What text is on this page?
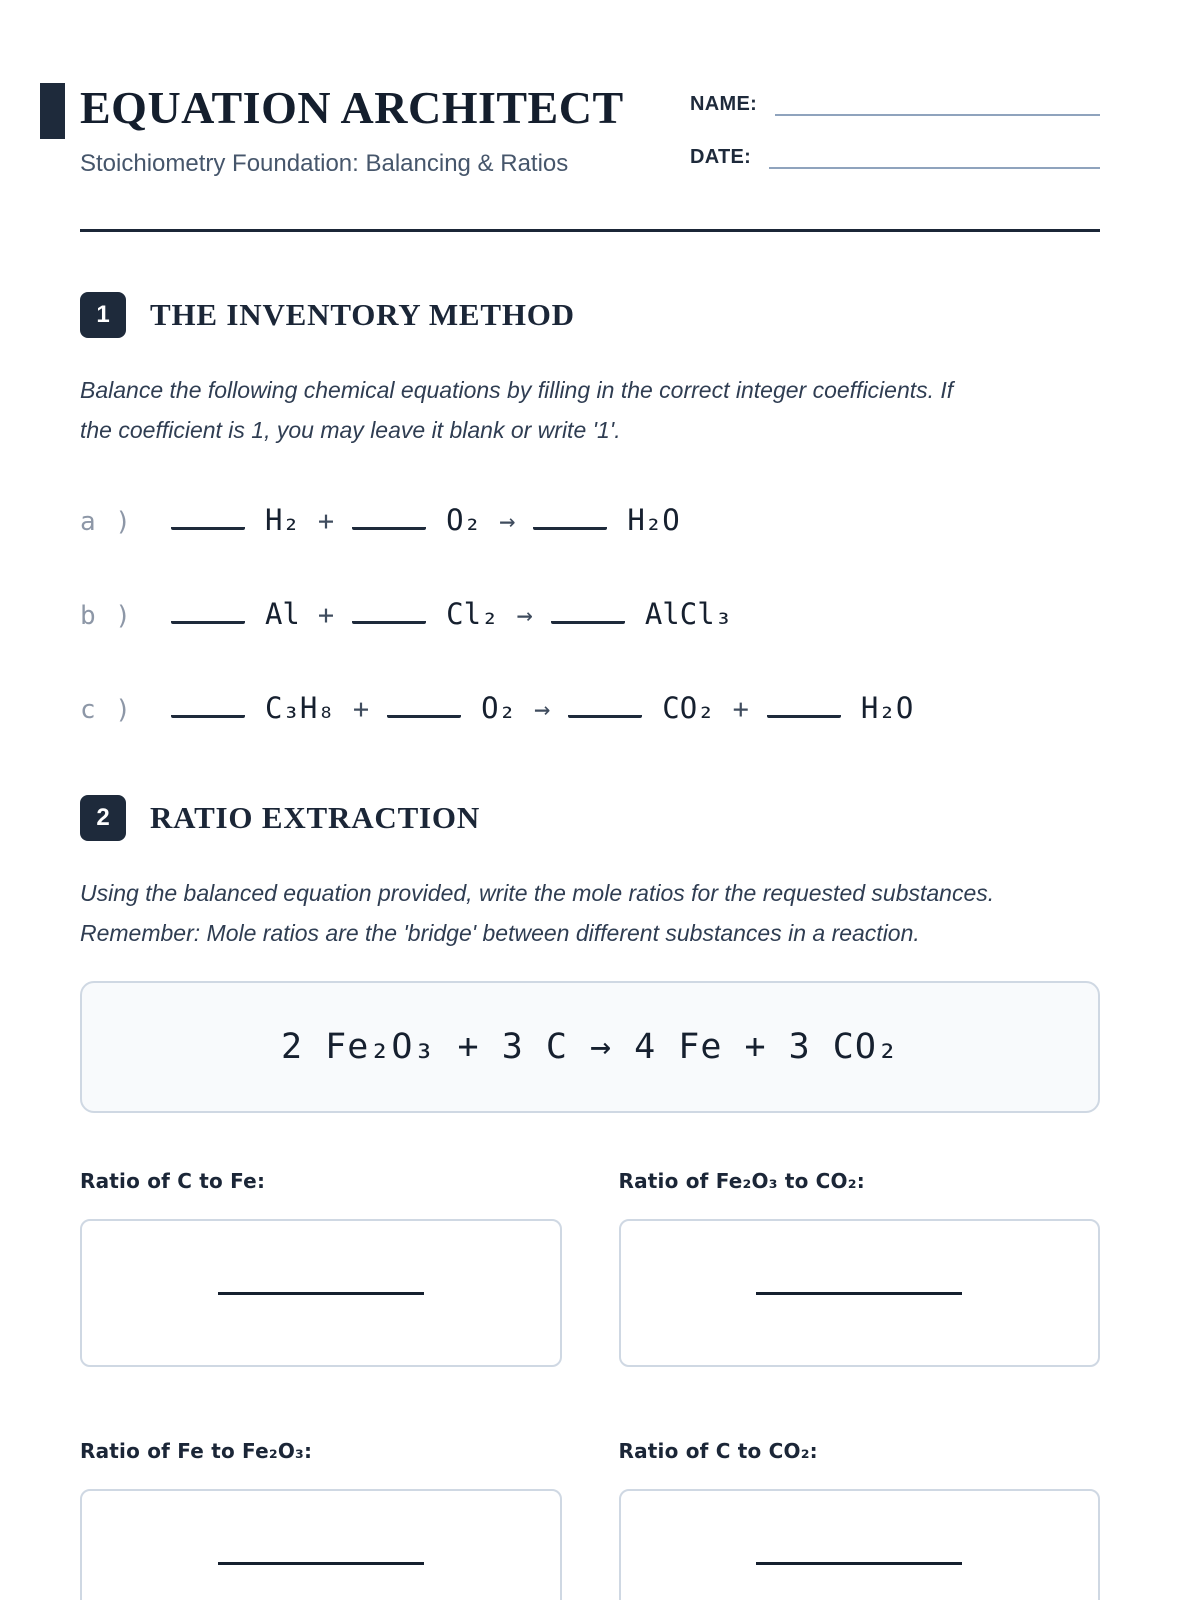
EQUATION ARCHITECT
Stoichiometry Foundation: Balancing & Ratios
NAME:
DATE:
1	THE INVENTORY METHOD
Balance the following chemical equations by filling in the correct integer coefficients. If the coefficient is 1, you may leave it blank or write '1'.
a )	H₂ +	O₂ →	H₂O
b )	Al +	Cl₂ →	AlCl₃
c )	C₃H₈ +	O₂ →	CO₂ +	H₂O
2	RATIO EXTRACTION
Using the balanced equation provided, write the mole ratios for the requested substances. Remember: Mole ratios are the 'bridge' between different substances in a reaction.
2 Fe₂O₃ + 3 C → 4 Fe + 3 CO₂
Ratio of C to Fe:	Ratio of Fe₂O₃ to CO₂:
Ratio of Fe to Fe₂O₃:	Ratio of C to CO₂:
